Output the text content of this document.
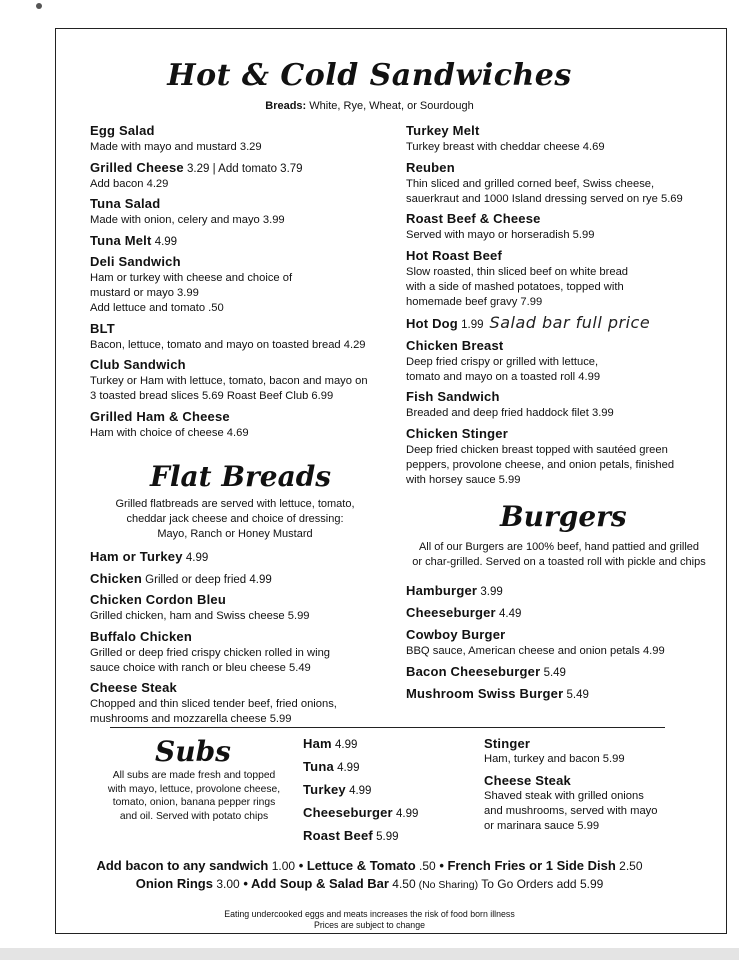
Hot & Cold Sandwiches
Breads: White, Rye, Wheat, or Sourdough
Egg Salad
Made with mayo and mustard 3.29
Grilled Cheese 3.29 | Add tomato 3.79
Add bacon 4.29
Tuna Salad
Made with onion, celery and mayo 3.99
Tuna Melt 4.99
Deli Sandwich
Ham or turkey with cheese and choice of
mustard or mayo 3.99
Add lettuce and tomato .50
BLT
Bacon, lettuce, tomato and mayo on toasted bread 4.29
Club Sandwich
Turkey or Ham with lettuce, tomato, bacon and mayo on
3 toasted bread slices 5.69 Roast Beef Club 6.99
Grilled Ham & Cheese
Ham with choice of cheese 4.69
Turkey Melt
Turkey breast with cheddar cheese 4.69
Reuben
Thin sliced and grilled corned beef, Swiss cheese,
sauerkraut and 1000 Island dressing served on rye 5.69
Roast Beef & Cheese
Served with mayo or horseradish 5.99
Hot Roast Beef
Slow roasted, thin sliced beef on white bread
with a side of mashed potatoes, topped with
homemade beef gravy 7.99
Hot Dog 1.99 Salad bar full price
Chicken Breast
Deep fried crispy or grilled with lettuce,
tomato and mayo on a toasted roll 4.99
Fish Sandwich
Breaded and deep fried haddock filet 3.99
Chicken Stinger
Deep fried chicken breast topped with sautéed green
peppers, provolone cheese, and onion petals, finished
with horsey sauce 5.99
Flat Breads
Grilled flatbreads are served with lettuce, tomato,
cheddar jack cheese and choice of dressing:
Mayo, Ranch or Honey Mustard
Ham or Turkey 4.99
Chicken Grilled or deep fried 4.99
Chicken Cordon Bleu
Grilled chicken, ham and Swiss cheese 5.99
Buffalo Chicken
Grilled or deep fried crispy chicken rolled in wing
sauce choice with ranch or bleu cheese 5.49
Cheese Steak
Chopped and thin sliced tender beef, fried onions,
mushrooms and mozzarella cheese 5.99
Burgers
All of our Burgers are 100% beef, hand pattied and grilled
or char-grilled. Served on a toasted roll with pickle and chips
Hamburger 3.99
Cheeseburger 4.49
Cowboy Burger
BBQ sauce, American cheese and onion petals 4.99
Bacon Cheeseburger 5.49
Mushroom Swiss Burger 5.49
Subs
All subs are made fresh and topped
with mayo, lettuce, provolone cheese,
tomato, onion, banana pepper rings
and oil. Served with potato chips
Ham 4.99
Tuna 4.99
Turkey 4.99
Cheeseburger 4.99
Roast Beef 5.99
Stinger
Ham, turkey and bacon 5.99
Cheese Steak
Shaved steak with grilled onions
and mushrooms, served with mayo
or marinara sauce 5.99
Add bacon to any sandwich 1.00 • Lettuce & Tomato .50 • French Fries or 1 Side Dish 2.50
Onion Rings 3.00 • Add Soup & Salad Bar 4.50 (No Sharing) To Go Orders add 5.99
Eating undercooked eggs and meats increases the risk of food born illness
Prices are subject to change
